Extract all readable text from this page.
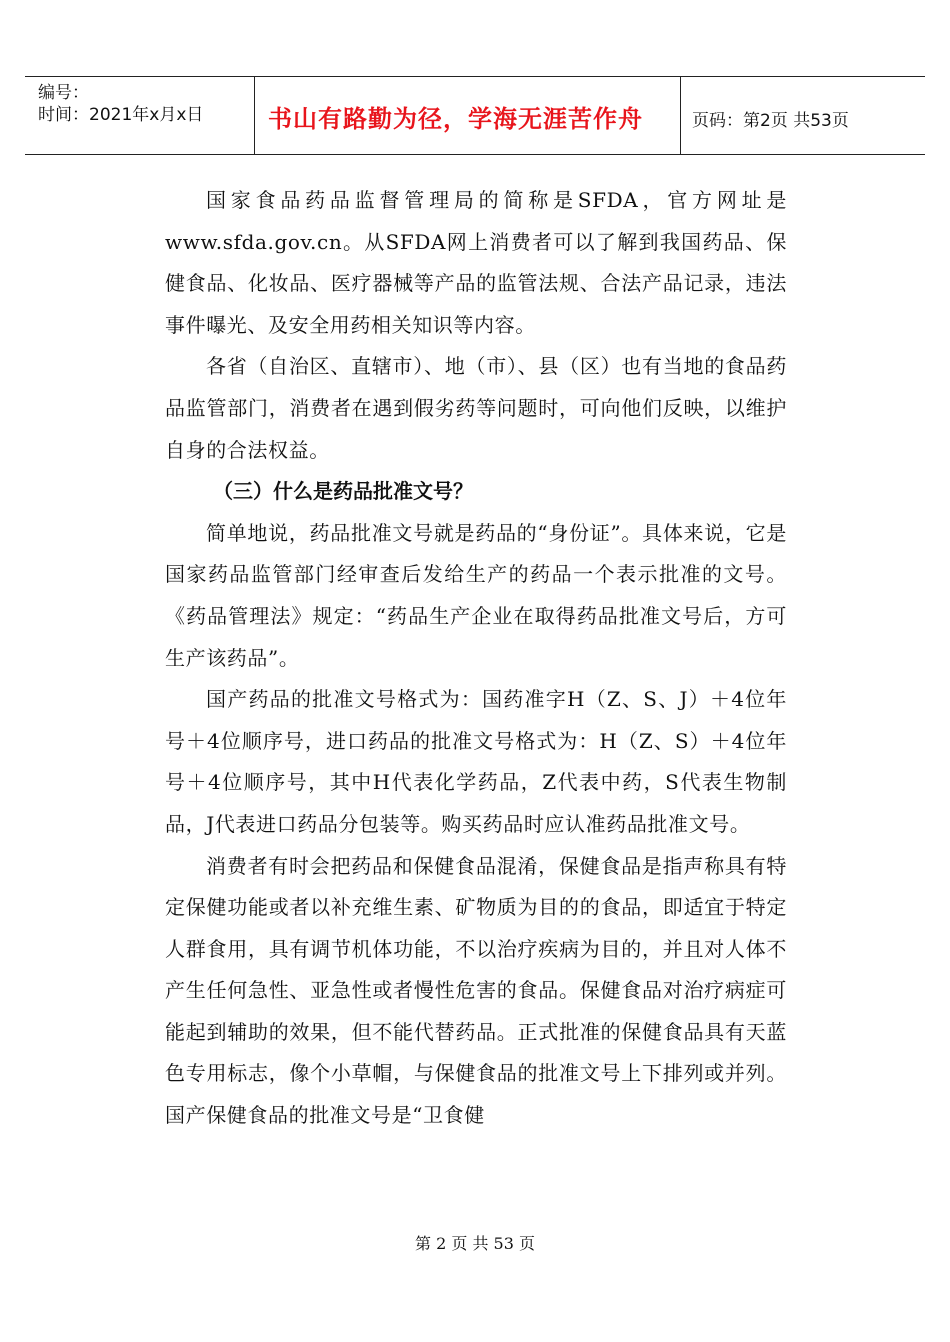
编号：
时间：2021年x月x日	书山有路勤为径，学海无涯苦作舟	页码：第2页 共53页

国家食品药品监督管理局的简称是SFDA，官方网址是www.sfda.gov.cn。从SFDA网上消费者可以了解到我国药品、保健食品、化妆品、医疗器械等产品的监管法规、合法产品记录，违法事件曝光、及安全用药相关知识等内容。

各省（自治区、直辖市）、地（市）、县（区）也有当地的食品药品监管部门，消费者在遇到假劣药等问题时，可向他们反映，以维护自身的合法权益。

（三）什么是药品批准文号？

简单地说，药品批准文号就是药品的“身份证”。具体来说，它是国家药品监管部门经审查后发给生产的药品一个表示批准的文号。《药品管理法》规定：“药品生产企业在取得药品批准文号后，方可生产该药品”。

国产药品的批准文号格式为：国药准字H（Z、S、J）＋4位年号＋4位顺序号，进口药品的批准文号格式为：H（Z、S）＋4位年号＋4位顺序号，其中H代表化学药品，Z代表中药，S代表生物制品，J代表进口药品分包装等。购买药品时应认准药品批准文号。

消费者有时会把药品和保健食品混淆，保健食品是指声称具有特定保健功能或者以补充维生素、矿物质为目的的食品，即适宜于特定人群食用，具有调节机体功能，不以治疗疾病为目的，并且对人体不产生任何急性、亚急性或者慢性危害的食品。保健食品对治疗病症可能起到辅助的效果，但不能代替药品。正式批准的保健食品具有天蓝色专用标志，像个小草帽，与保健食品的批准文号上下排列或并列。国产保健食品的批准文号是“卫食健

第 2 页 共 53 页
